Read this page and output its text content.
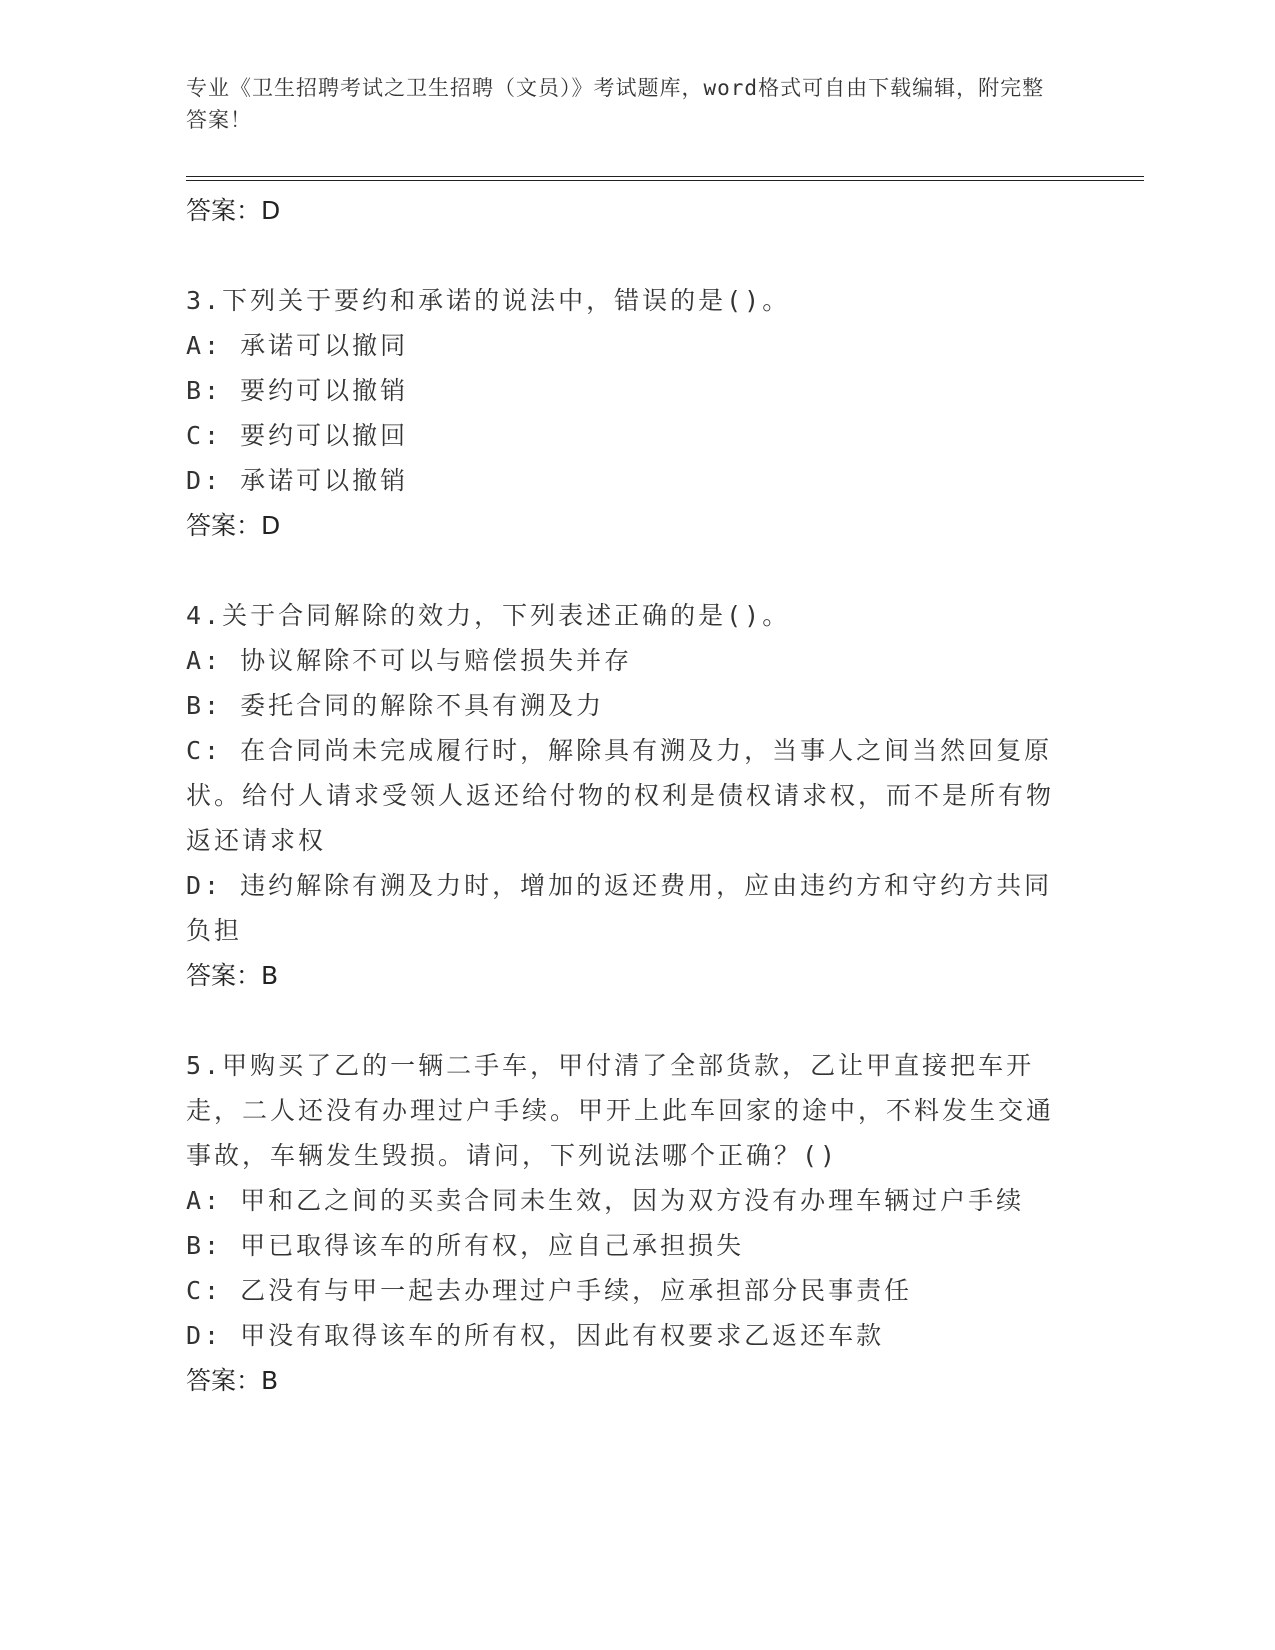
专业《卫生招聘考试之卫生招聘（文员）》考试题库，word格式可自由下载编辑，附完整答案！

答案：D

3.下列关于要约和承诺的说法中，错误的是()。

A: 承诺可以撤同

B: 要约可以撤销

C: 要约可以撤回

D: 承诺可以撤销

答案：D

4.关于合同解除的效力，下列表述正确的是()。

A: 协议解除不可以与赔偿损失并存

B: 委托合同的解除不具有溯及力

C: 在合同尚未完成履行时，解除具有溯及力，当事人之间当然回复原状。给付人请求受领人返还给付物的权利是债权请求权，而不是所有物返还请求权

D: 违约解除有溯及力时，增加的返还费用，应由违约方和守约方共同负担

答案：B

5.甲购买了乙的一辆二手车，甲付清了全部货款，乙让甲直接把车开走，二人还没有办理过户手续。甲开上此车回家的途中，不料发生交通事故，车辆发生毁损。请问，下列说法哪个正确？()

A: 甲和乙之间的买卖合同未生效，因为双方没有办理车辆过户手续

B: 甲已取得该车的所有权，应自己承担损失

C: 乙没有与甲一起去办理过户手续，应承担部分民事责任

D: 甲没有取得该车的所有权，因此有权要求乙返还车款

答案：B
